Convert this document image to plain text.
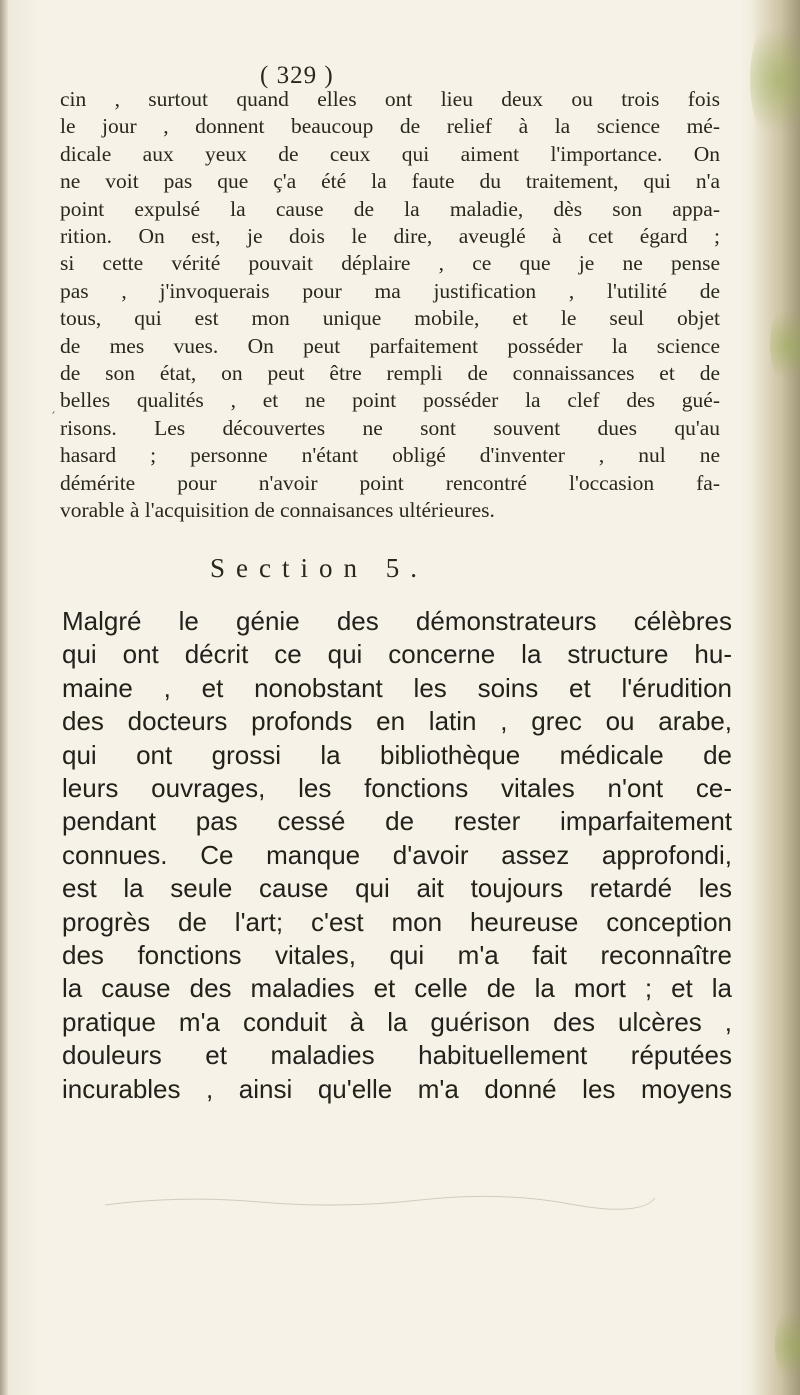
( 329 )
cin , surtout quand elles ont lieu deux ou trois fois
le jour , donnent beaucoup de relief à la science mé-
dicale aux yeux de ceux qui aiment l'importance. On
ne voit pas que ç'a été la faute du traitement, qui n'a
point expulsé la cause de la maladie, dès son appa-
rition. On est, je dois le dire, aveuglé à cet égard ;
si cette vérité pouvait déplaire , ce que je ne pense
pas , j'invoquerais pour ma justification , l'utilité de
tous, qui est mon unique mobile, et le seul objet
de mes vues. On peut parfaitement posséder la science
de son état, on peut être rempli de connaissances et de
belles qualités , et ne point posséder la clef des gué-
risons. Les découvertes ne sont souvent dues qu'au
hasard ; personne n'étant obligé d'inventer , nul ne
démérite pour n'avoir point rencontré l'occasion fa-
vorable à l'acquisition de connaisances ultérieures.
′
Section 5.
Malgré le génie des démonstrateurs célèbres
qui ont décrit ce qui concerne la structure hu-
maine , et nonobstant les soins et l'érudition
des docteurs profonds en latin , grec ou arabe,
qui ont grossi la bibliothèque médicale de
leurs ouvrages, les fonctions vitales n'ont ce-
pendant pas cessé de rester imparfaitement
connues. Ce manque d'avoir assez approfondi,
est la seule cause qui ait toujours retardé les
progrès de l'art; c'est mon heureuse conception
des fonctions vitales, qui m'a fait reconnaître
la cause des maladies et celle de la mort ; et la
pratique m'a conduit à la guérison des ulcères ,
douleurs et maladies habituellement réputées
incurables , ainsi qu'elle m'a donné les moyens
